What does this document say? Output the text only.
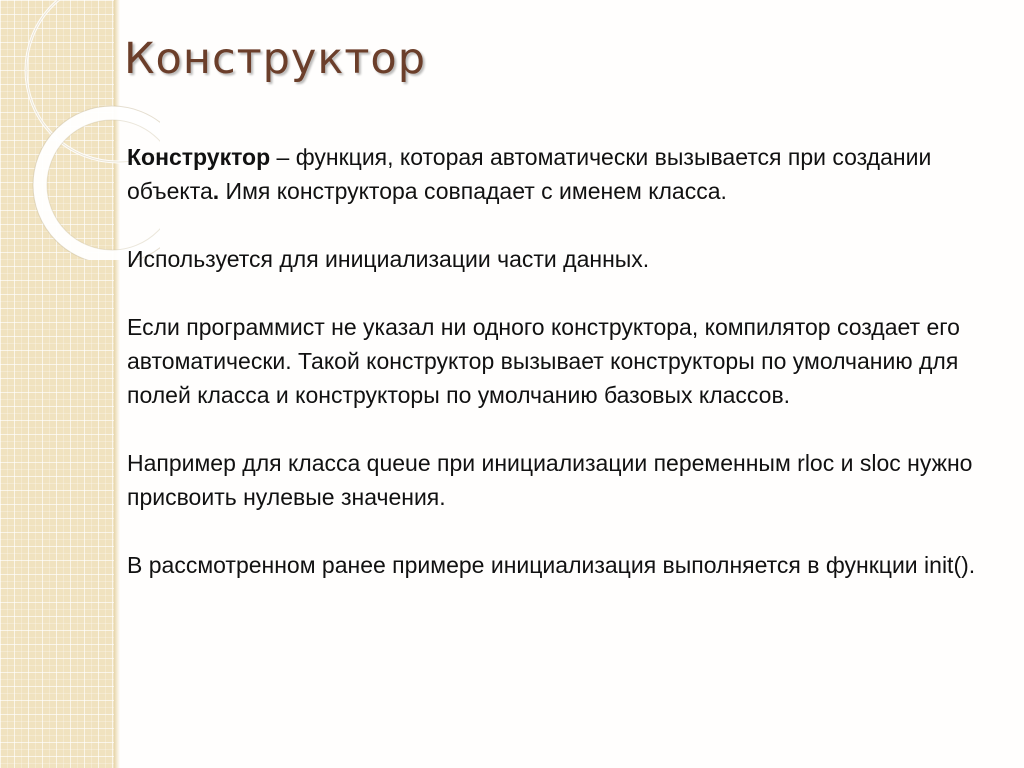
Конструктор

Конструктор – функция, которая автоматически вызывается при создании объекта. Имя конструктора совпадает с именем класса.

Используется для инициализации части данных.

Если программист не указал ни одного конструктора, компилятор создает его автоматически. Такой конструктор вызывает конструкторы по умолчанию для полей класса и конструкторы по умолчанию базовых классов.

Например для класса queue при инициализации переменным rloc и sloc нужно присвоить нулевые значения.

В рассмотренном ранее примере инициализация выполняется в функции init().
